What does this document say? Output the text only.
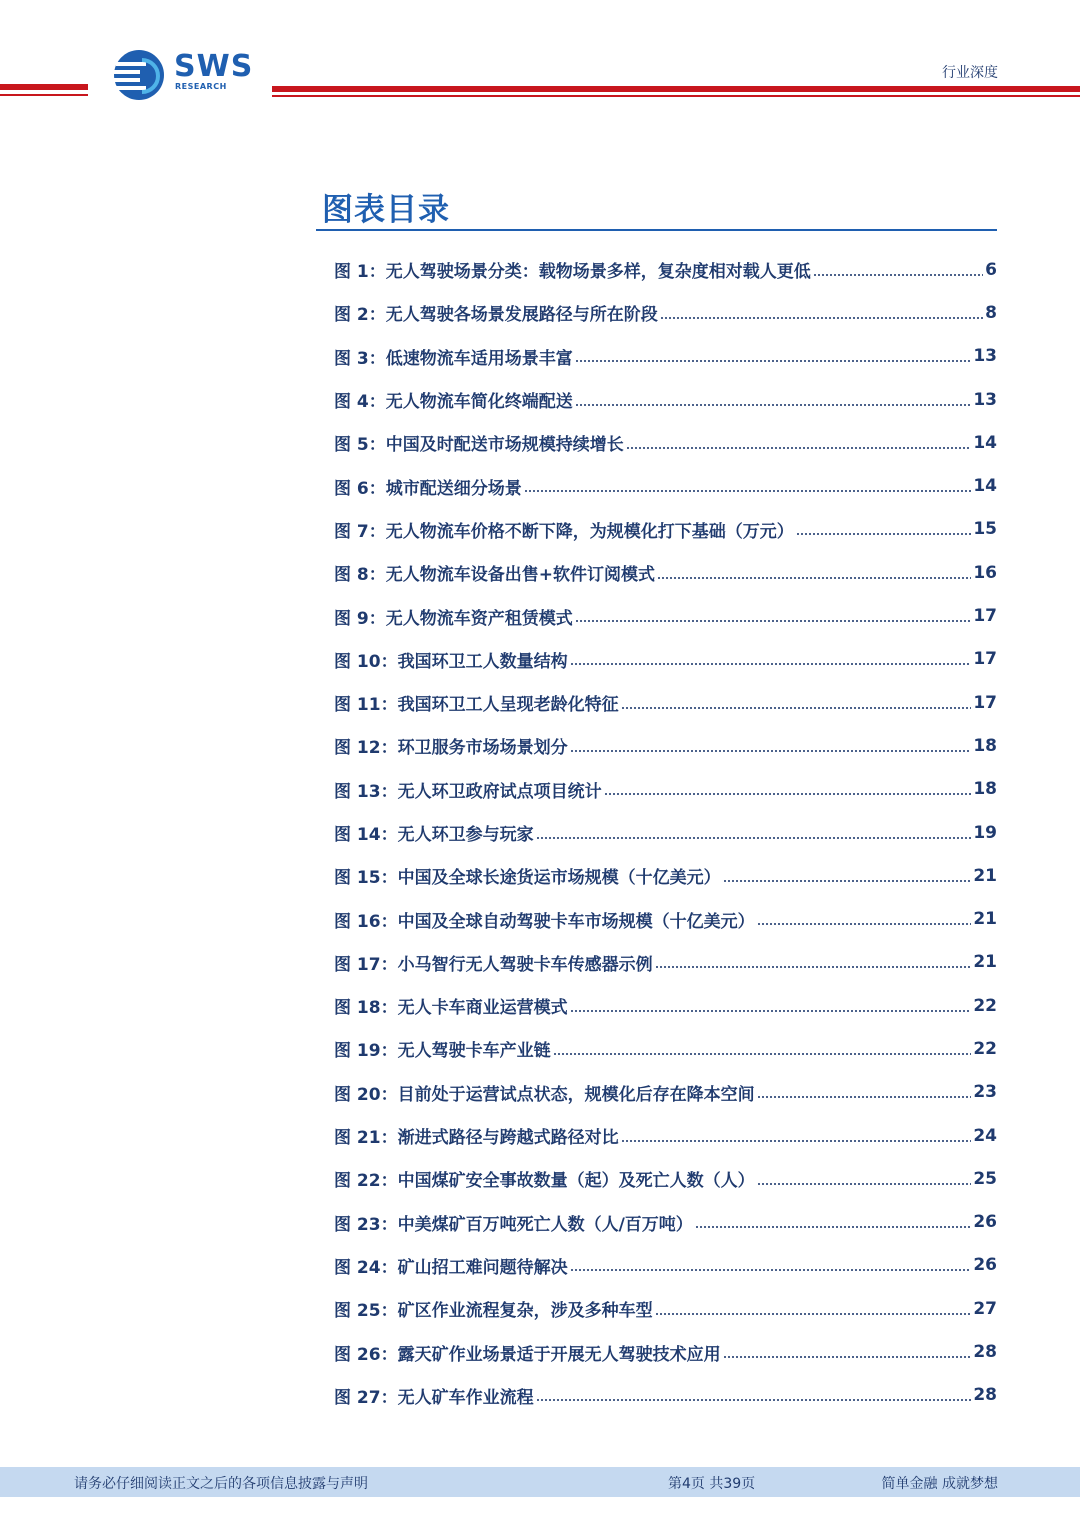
SWS
RESEARCH
行业深度
图表目录
图 1：无人驾驶场景分类：载物场景多样，复杂度相对载人更低	6
图 2：无人驾驶各场景发展路径与所在阶段	8
图 3：低速物流车适用场景丰富	13
图 4：无人物流车简化终端配送	13
图 5：中国及时配送市场规模持续增长	14
图 6：城市配送细分场景	14
图 7：无人物流车价格不断下降，为规模化打下基础（万元）	15
图 8：无人物流车设备出售+软件订阅模式	16
图 9：无人物流车资产租赁模式	17
图 10：我国环卫工人数量结构	17
图 11：我国环卫工人呈现老龄化特征	17
图 12：环卫服务市场场景划分	18
图 13：无人环卫政府试点项目统计	18
图 14：无人环卫参与玩家	19
图 15：中国及全球长途货运市场规模（十亿美元）	21
图 16：中国及全球自动驾驶卡车市场规模（十亿美元）	21
图 17：小马智行无人驾驶卡车传感器示例	21
图 18：无人卡车商业运营模式	22
图 19：无人驾驶卡车产业链	22
图 20：目前处于运营试点状态，规模化后存在降本空间	23
图 21：渐进式路径与跨越式路径对比	24
图 22：中国煤矿安全事故数量（起）及死亡人数（人）	25
图 23：中美煤矿百万吨死亡人数（人/百万吨）	26
图 24：矿山招工难问题待解决	26
图 25：矿区作业流程复杂，涉及多种车型	27
图 26：露天矿作业场景适于开展无人驾驶技术应用	28
图 27：无人矿车作业流程	28
请务必仔细阅读正文之后的各项信息披露与声明	第4页 共39页	简单金融 成就梦想
